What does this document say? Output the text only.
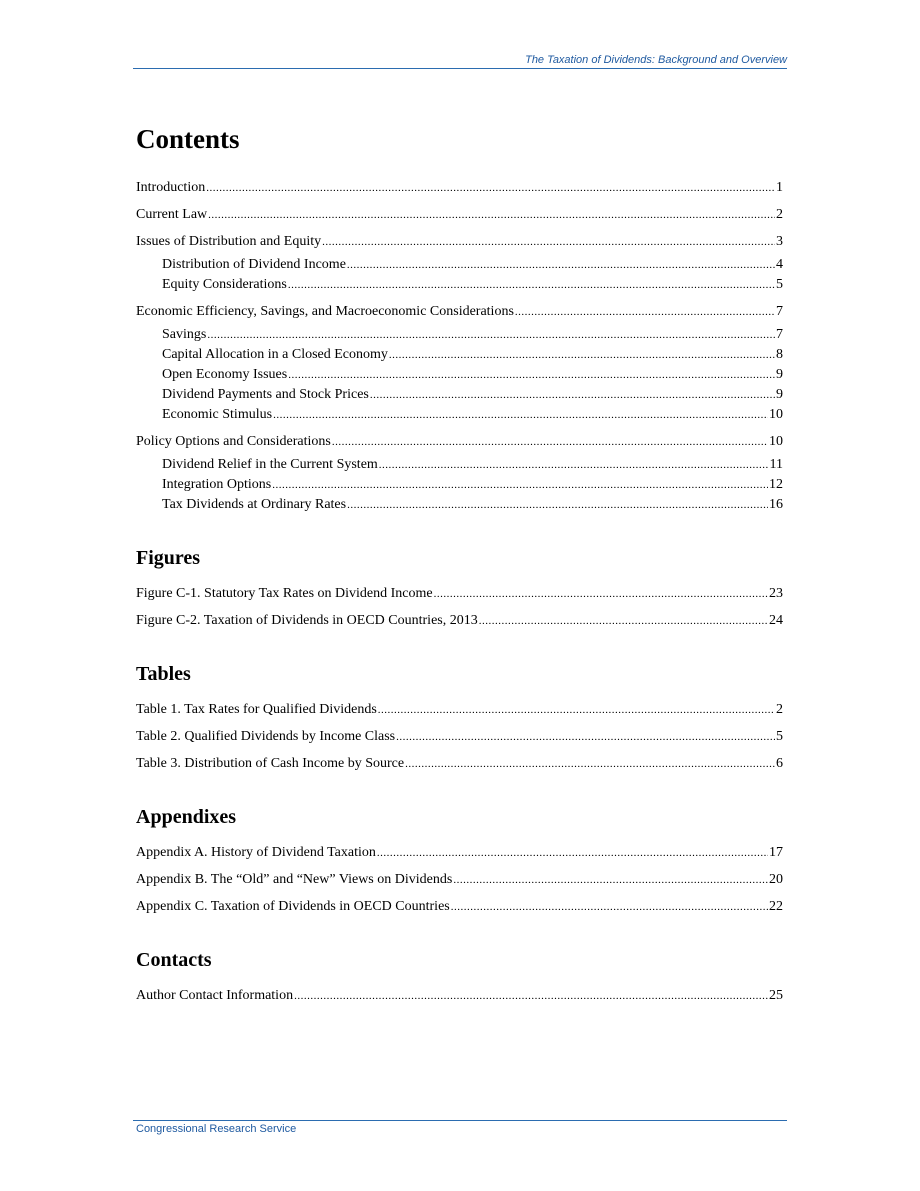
The Taxation of Dividends: Background and Overview
Contents
Introduction .....	1
Current Law .....	2
Issues of Distribution and Equity .....	3
Distribution of Dividend Income .....	4
Equity Considerations .....	5
Economic Efficiency, Savings, and Macroeconomic Considerations .....	7
Savings .....	7
Capital Allocation in a Closed Economy .....	8
Open Economy Issues .....	9
Dividend Payments and Stock Prices .....	9
Economic Stimulus .....	10
Policy Options and Considerations .....	10
Dividend Relief in the Current System .....	11
Integration Options .....	12
Tax Dividends at Ordinary Rates .....	16
Figures
Figure C-1. Statutory Tax Rates on Dividend Income .....	23
Figure C-2. Taxation of Dividends in OECD Countries, 2013 .....	24
Tables
Table 1. Tax Rates for Qualified Dividends .....	2
Table 2. Qualified Dividends by Income Class .....	5
Table 3. Distribution of Cash Income by Source .....	6
Appendixes
Appendix A. History of Dividend Taxation .....	17
Appendix B. The “Old” and “New” Views on Dividends .....	20
Appendix C. Taxation of Dividends in OECD Countries .....	22
Contacts
Author Contact Information .....	25
Congressional Research Service
